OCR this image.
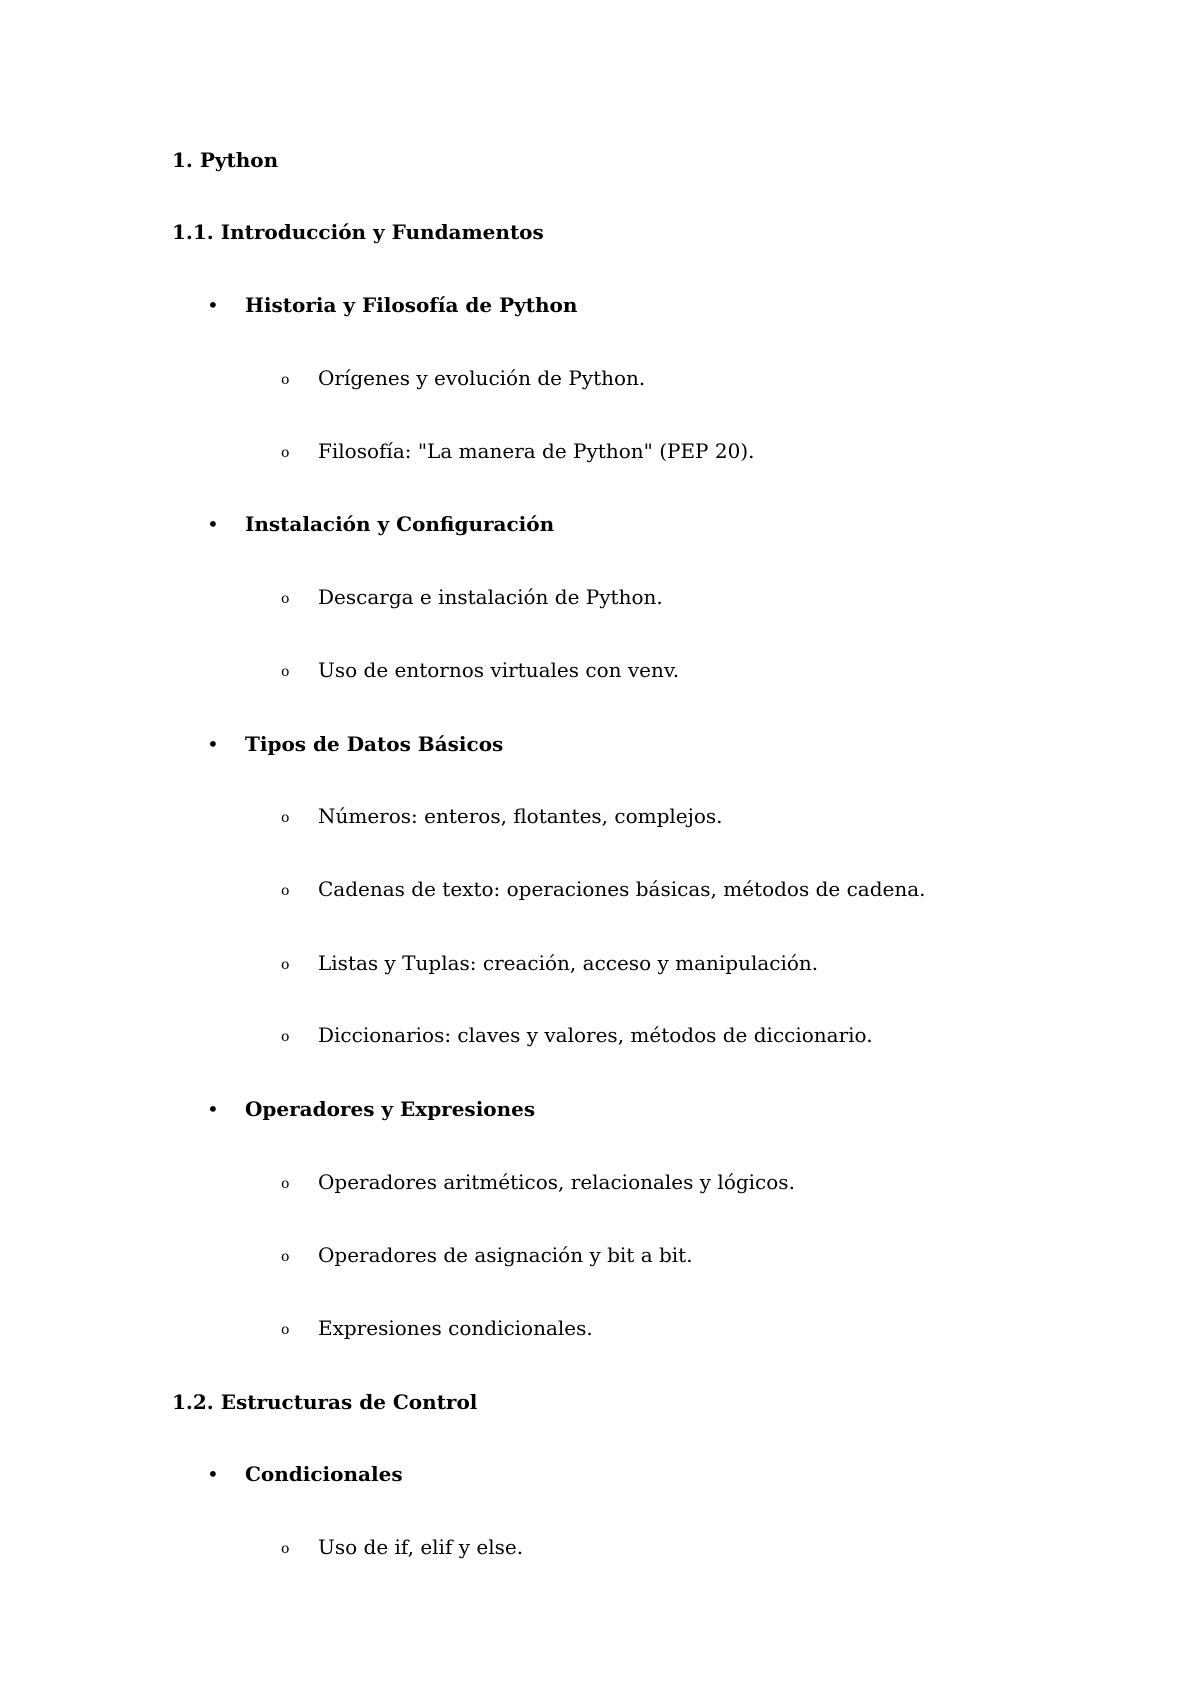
1. Python
1.1. Introducción y Fundamentos
• Historia y Filosofía de Python
o Orígenes y evolución de Python.
o Filosofía: "La manera de Python" (PEP 20).
• Instalación y Configuración
o Descarga e instalación de Python.
o Uso de entornos virtuales con venv.
• Tipos de Datos Básicos
o Números: enteros, flotantes, complejos.
o Cadenas de texto: operaciones básicas, métodos de cadena.
o Listas y Tuplas: creación, acceso y manipulación.
o Diccionarios: claves y valores, métodos de diccionario.
• Operadores y Expresiones
o Operadores aritméticos, relacionales y lógicos.
o Operadores de asignación y bit a bit.
o Expresiones condicionales.
1.2. Estructuras de Control
• Condicionales
o Uso de if, elif y else.
